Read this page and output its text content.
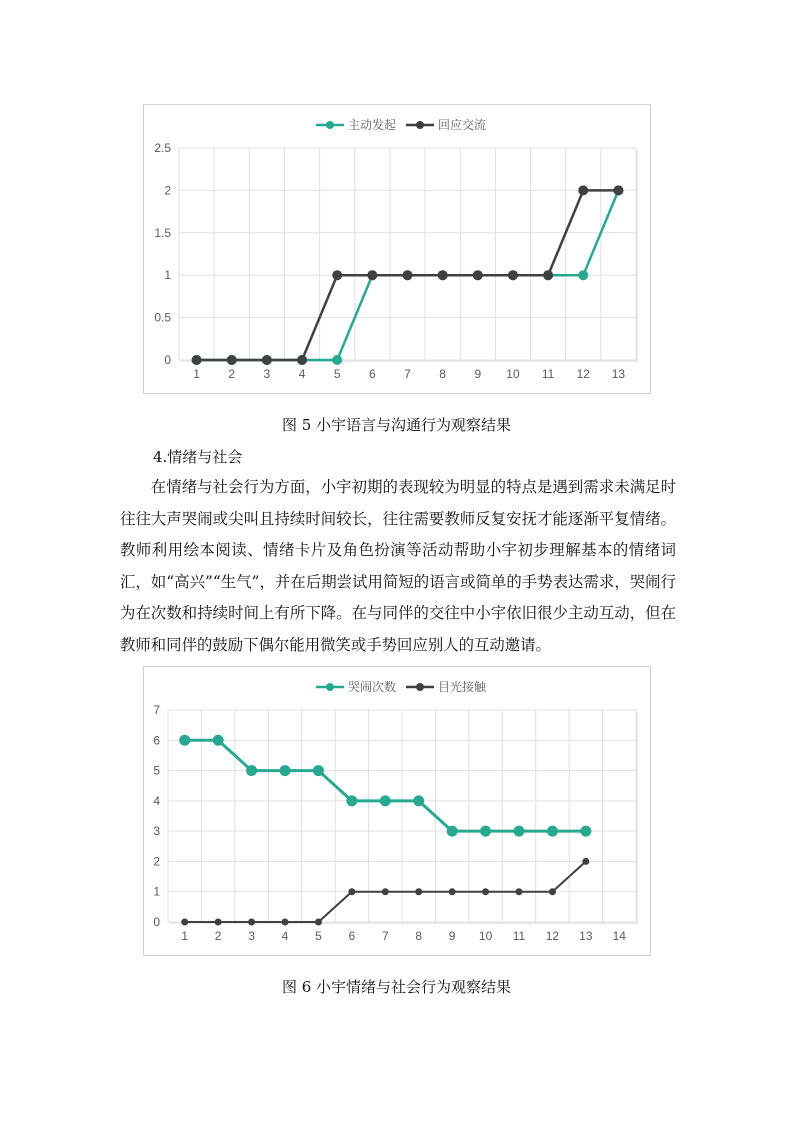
0
0.5
1
1.5
2
2.5
1 2 3 4 5 6 7 8 9 10 11 12 13
主动发起	回应交流
图 5 小宇语言与沟通行为观察结果
4.情绪与社会

在情绪与社会行为方面，小宇初期的表现较为明显的特点是遇到需求未满足时往往大声哭闹或尖叫且持续时间较长，往往需要教师反复安抚才能逐渐平复情绪。教师利用绘本阅读、情绪卡片及角色扮演等活动帮助小宇初步理解基本的情绪词汇，如“高兴”“生气”，并在后期尝试用简短的语言或简单的手势表达需求，哭闹行为在次数和持续时间上有所下降。在与同伴的交往中小宇依旧很少主动互动，但在教师和同伴的鼓励下偶尔能用微笑或手势回应别人的互动邀请。

0
1
2
3
4
5
6
7
1 2 3 4 5 6 7 8 9 10 11 12 13 14
哭闹次数	目光接触
图 6 小宇情绪与社会行为观察结果
